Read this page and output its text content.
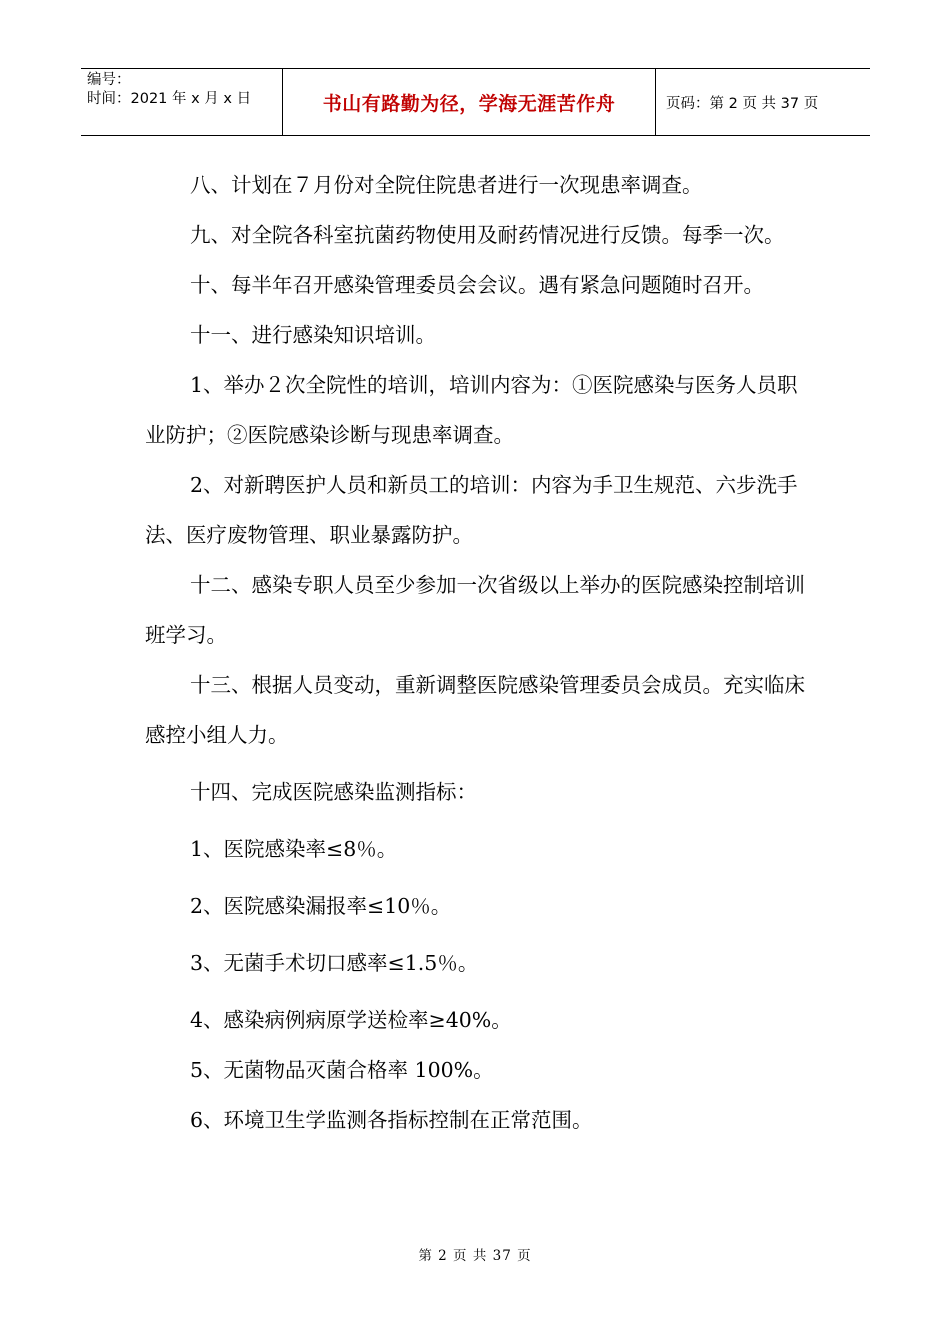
编号：
时间：2021 年 x 月 x 日	书山有路勤为径，学海无涯苦作舟	页码：第 2 页 共 37 页

八、计划在７月份对全院住院患者进行一次现患率调查。

九、对全院各科室抗菌药物使用及耐药情况进行反馈。每季一次。

十、每半年召开感染管理委员会会议。遇有紧急问题随时召开。

十一、进行感染知识培训。

1、举办２次全院性的培训，培训内容为：①医院感染与医务人员职业防护；②医院感染诊断与现患率调查。

2、对新聘医护人员和新员工的培训：内容为手卫生规范、六步洗手法、医疗废物管理、职业暴露防护。

十二、感染专职人员至少参加一次省级以上举办的医院感染控制培训班学习。

十三、根据人员变动，重新调整医院感染管理委员会成员。充实临床感控小组人力。

十四、完成医院感染监测指标：

1、医院感染率≤8％。

2、医院感染漏报率≤10％。

3、无菌手术切口感率≤1.5％。

4、感染病例病原学送检率≥40%。

5、无菌物品灭菌合格率 100%。

6、环境卫生学监测各指标控制在正常范围。

第 2 页 共 37 页
